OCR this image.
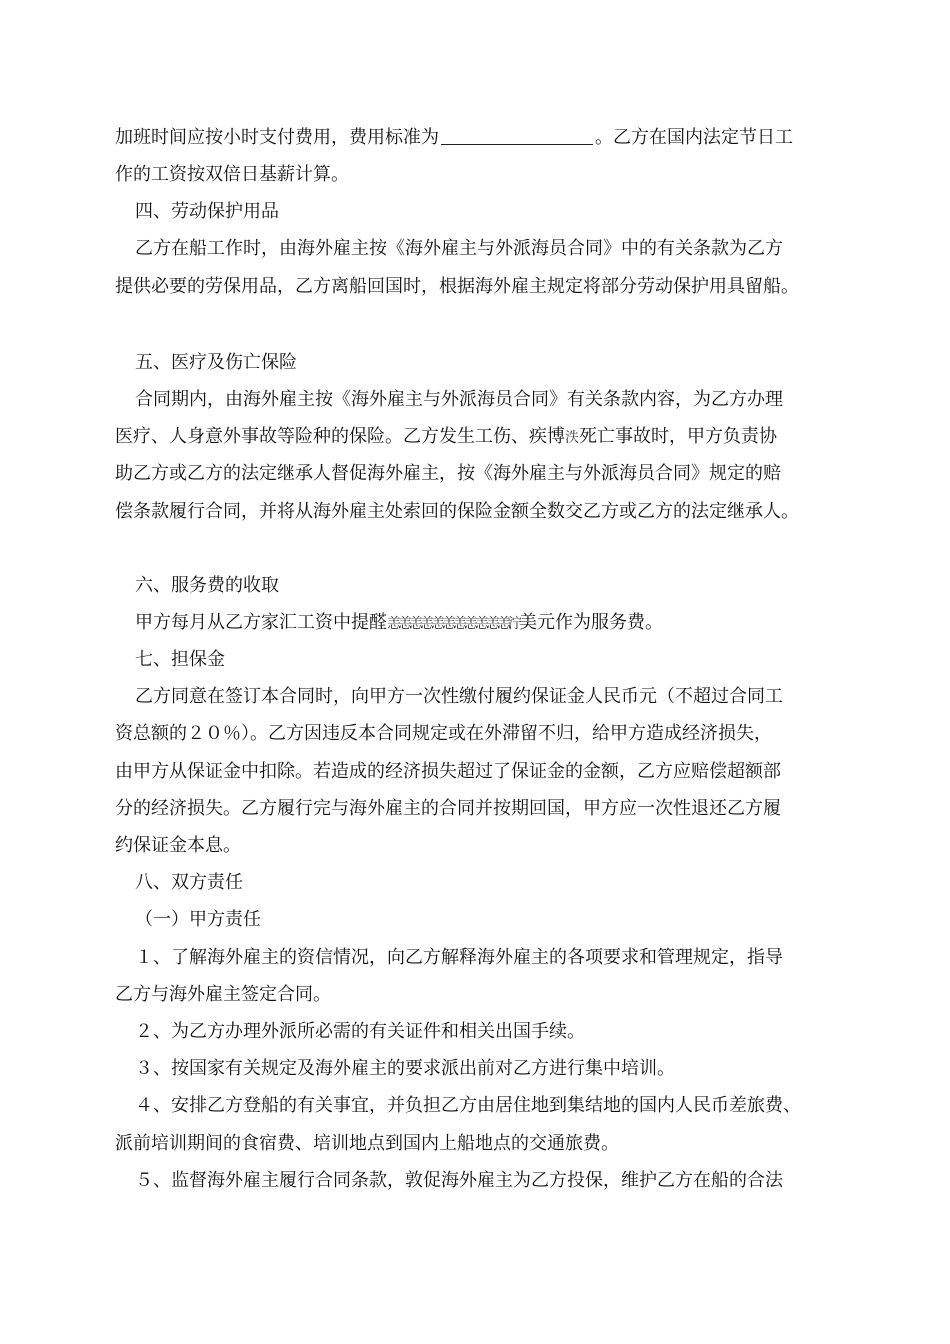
加班时间应按小时支付费用，费用标准为	。乙方在国内法定节日工
作的工资按双倍日基薪计算。
四、劳动保护用品
乙方在船工作时，由海外雇主按《海外雇主与外派海员合同》中的有关条款为乙方
提供必要的劳保用品，乙方离船回国时，根据海外雇主规定将部分劳动保护用具留船。
五、医疗及伤亡保险
合同期内，由海外雇主按《海外雇主与外派海员合同》有关条款内容，为乙方办理
医疗、人身意外事故等险种的保险。乙方发生工伤、疾博泆死亡事故时，甲方负责协
助乙方或乙方的法定继承人督促海外雇主，按《海外雇主与外派海员合同》规定的赔
偿条款履行合同，并将从海外雇主处索回的保险金额全数交乙方或乙方的法定继承人。
六、服务费的收取
甲方每月从乙方家汇工资中提醛恙恙恙恙恙恙恙恙恙恙恙泞美元作为服务费。
七、担保金
乙方同意在签订本合同时，向甲方一次性缴付履约保证金人民币元（不超过合同工
资总额的２０％）。乙方因违反本合同规定或在外滞留不归，给甲方造成经济损失，
由甲方从保证金中扣除。若造成的经济损失超过了保证金的金额，乙方应赔偿超额部
分的经济损失。乙方履行完与海外雇主的合同并按期回国，甲方应一次性退还乙方履
约保证金本息。
八、双方责任
（一）甲方责任
１、了解海外雇主的资信情况，向乙方解释海外雇主的各项要求和管理规定，指导
乙方与海外雇主签定合同。
２、为乙方办理外派所必需的有关证件和相关出国手续。
３、按国家有关规定及海外雇主的要求派出前对乙方进行集中培训。
４、安排乙方登船的有关事宜，并负担乙方由居住地到集结地的国内人民币差旅费、
派前培训期间的食宿费、培训地点到国内上船地点的交通旅费。
５、监督海外雇主履行合同条款，敦促海外雇主为乙方投保，维护乙方在船的合法
